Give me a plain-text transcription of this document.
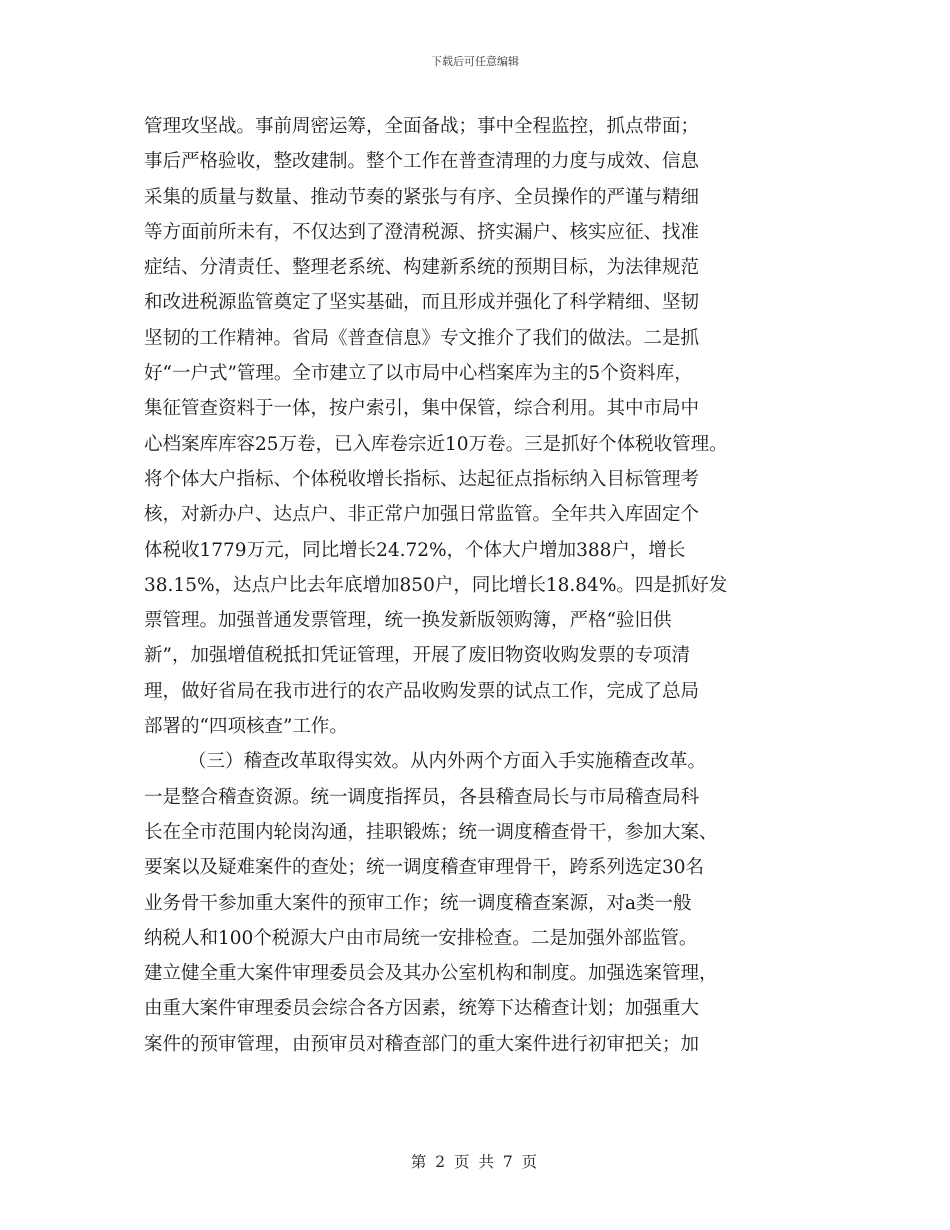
下载后可任意编辑
管理攻坚战。事前周密运筹，全面备战；事中全程监控，抓点带面；
事后严格验收，整改建制。整个工作在普查清理的力度与成效、信息
采集的质量与数量、推动节奏的紧张与有序、全员操作的严谨与精细
等方面前所未有，不仅达到了澄清税源、挤实漏户、核实应征、找准
症结、分清责任、整理老系统、构建新系统的预期目标，为法律规范
和改进税源监管奠定了坚实基础，而且形成并强化了科学精细、坚韧
坚韧的工作精神。省局《普查信息》专文推介了我们的做法。二是抓
好“一户式”管理。全市建立了以市局中心档案库为主的5个资料库，
集征管查资料于一体，按户索引，集中保管，综合利用。其中市局中
心档案库库容25万卷，已入库卷宗近10万卷。三是抓好个体税收管理。
将个体大户指标、个体税收增长指标、达起征点指标纳入目标管理考
核，对新办户、达点户、非正常户加强日常监管。全年共入库固定个
体税收1779万元，同比增长24.72%，个体大户增加388户，增长
38.15%，达点户比去年底增加850户，同比增长18.84%。四是抓好发
票管理。加强普通发票管理，统一换发新版领购簿，严格“验旧供
新”，加强增值税抵扣凭证管理，开展了废旧物资收购发票的专项清
理，做好省局在我市进行的农产品收购发票的试点工作，完成了总局
部署的“四项核查”工作。
（三）稽查改革取得实效。从内外两个方面入手实施稽查改革。
一是整合稽查资源。统一调度指挥员，各县稽查局长与市局稽查局科
长在全市范围内轮岗沟通，挂职锻炼；统一调度稽查骨干，参加大案、
要案以及疑难案件的查处；统一调度稽查审理骨干，跨系列选定30名
业务骨干参加重大案件的预审工作；统一调度稽查案源，对a类一般
纳税人和100个税源大户由市局统一安排检查。二是加强外部监管。
建立健全重大案件审理委员会及其办公室机构和制度。加强选案管理，
由重大案件审理委员会综合各方因素，统筹下达稽查计划；加强重大
案件的预审管理，由预审员对稽查部门的重大案件进行初审把关；加
第 2 页 共 7 页
